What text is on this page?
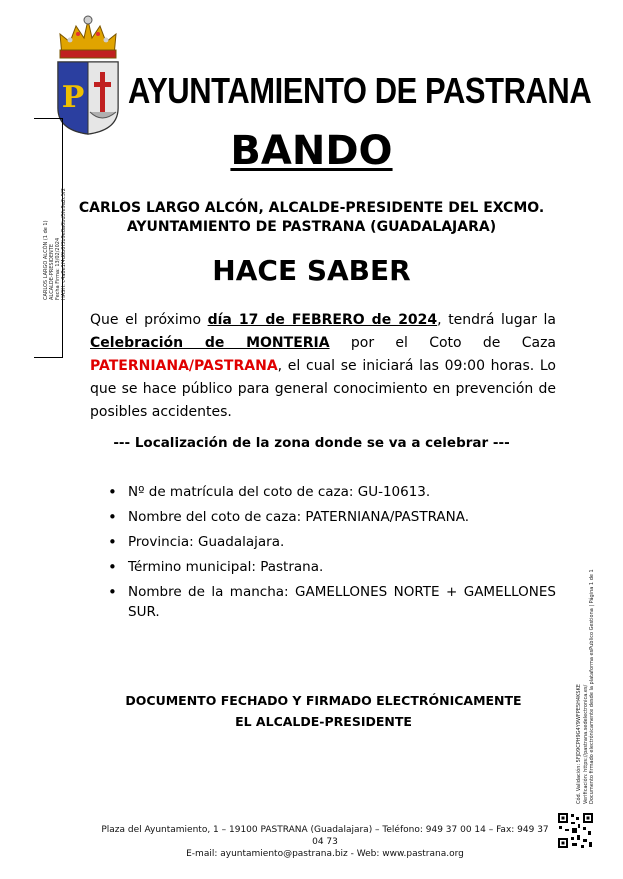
P AYUNTAMIENTO DE PASTRANA
BANDO
CARLOS LARGO ALCÓN, ALCALDE-PRESIDENTE DEL EXCMO.
AYUNTAMIENTO DE PASTRANA (GUADALAJARA)
HACE SABER
Que el próximo día 17 de FEBRERO de 2024, tendrá lugar la Celebración de MONTERIA por el Coto de Caza PATERNIANA/PASTRANA, el cual se iniciará las 09:00 horas. Lo que se hace público para general conocimiento en prevención de posibles accidentes.
--- Localización de la zona donde se va a celebrar ---
• Nº de matrícula del coto de caza: GU-10613.
• Nombre del coto de caza: PATERNIANA/PASTRANA.
• Provincia: Guadalajara.
• Término municipal: Pastrana.
• Nombre de la mancha: GAMELLONES NORTE + GAMELLONES SUR.
DOCUMENTO FECHADO Y FIRMADO ELECTRÓNICAMENTE
EL ALCALDE-PRESIDENTE
Plaza del Ayuntamiento, 1 – 19100 PASTRANA (Guadalajara) – Teléfono: 949 37 00 14 – Fax: 949 37 04 73
E-mail: ayuntamiento@pastrana.biz - Web: www.pastrana.org
CARLOS LARGO ALCÓN (1 de 1) ALCALDE-PRESIDENTE Fecha Firma: 13/02/2024 HASH: c4a8e1f4d6b0f3b9e8a0bd5fe9a2c5f2
Cód. Validación: 5FJD9CPH9G4Y9WFPE5H4KSKE Verificación: https://pastrana.sedelectronica.es/ Documento firmado electrónicamente desde la plataforma esPublico Gestiona | Página 1 de 1
